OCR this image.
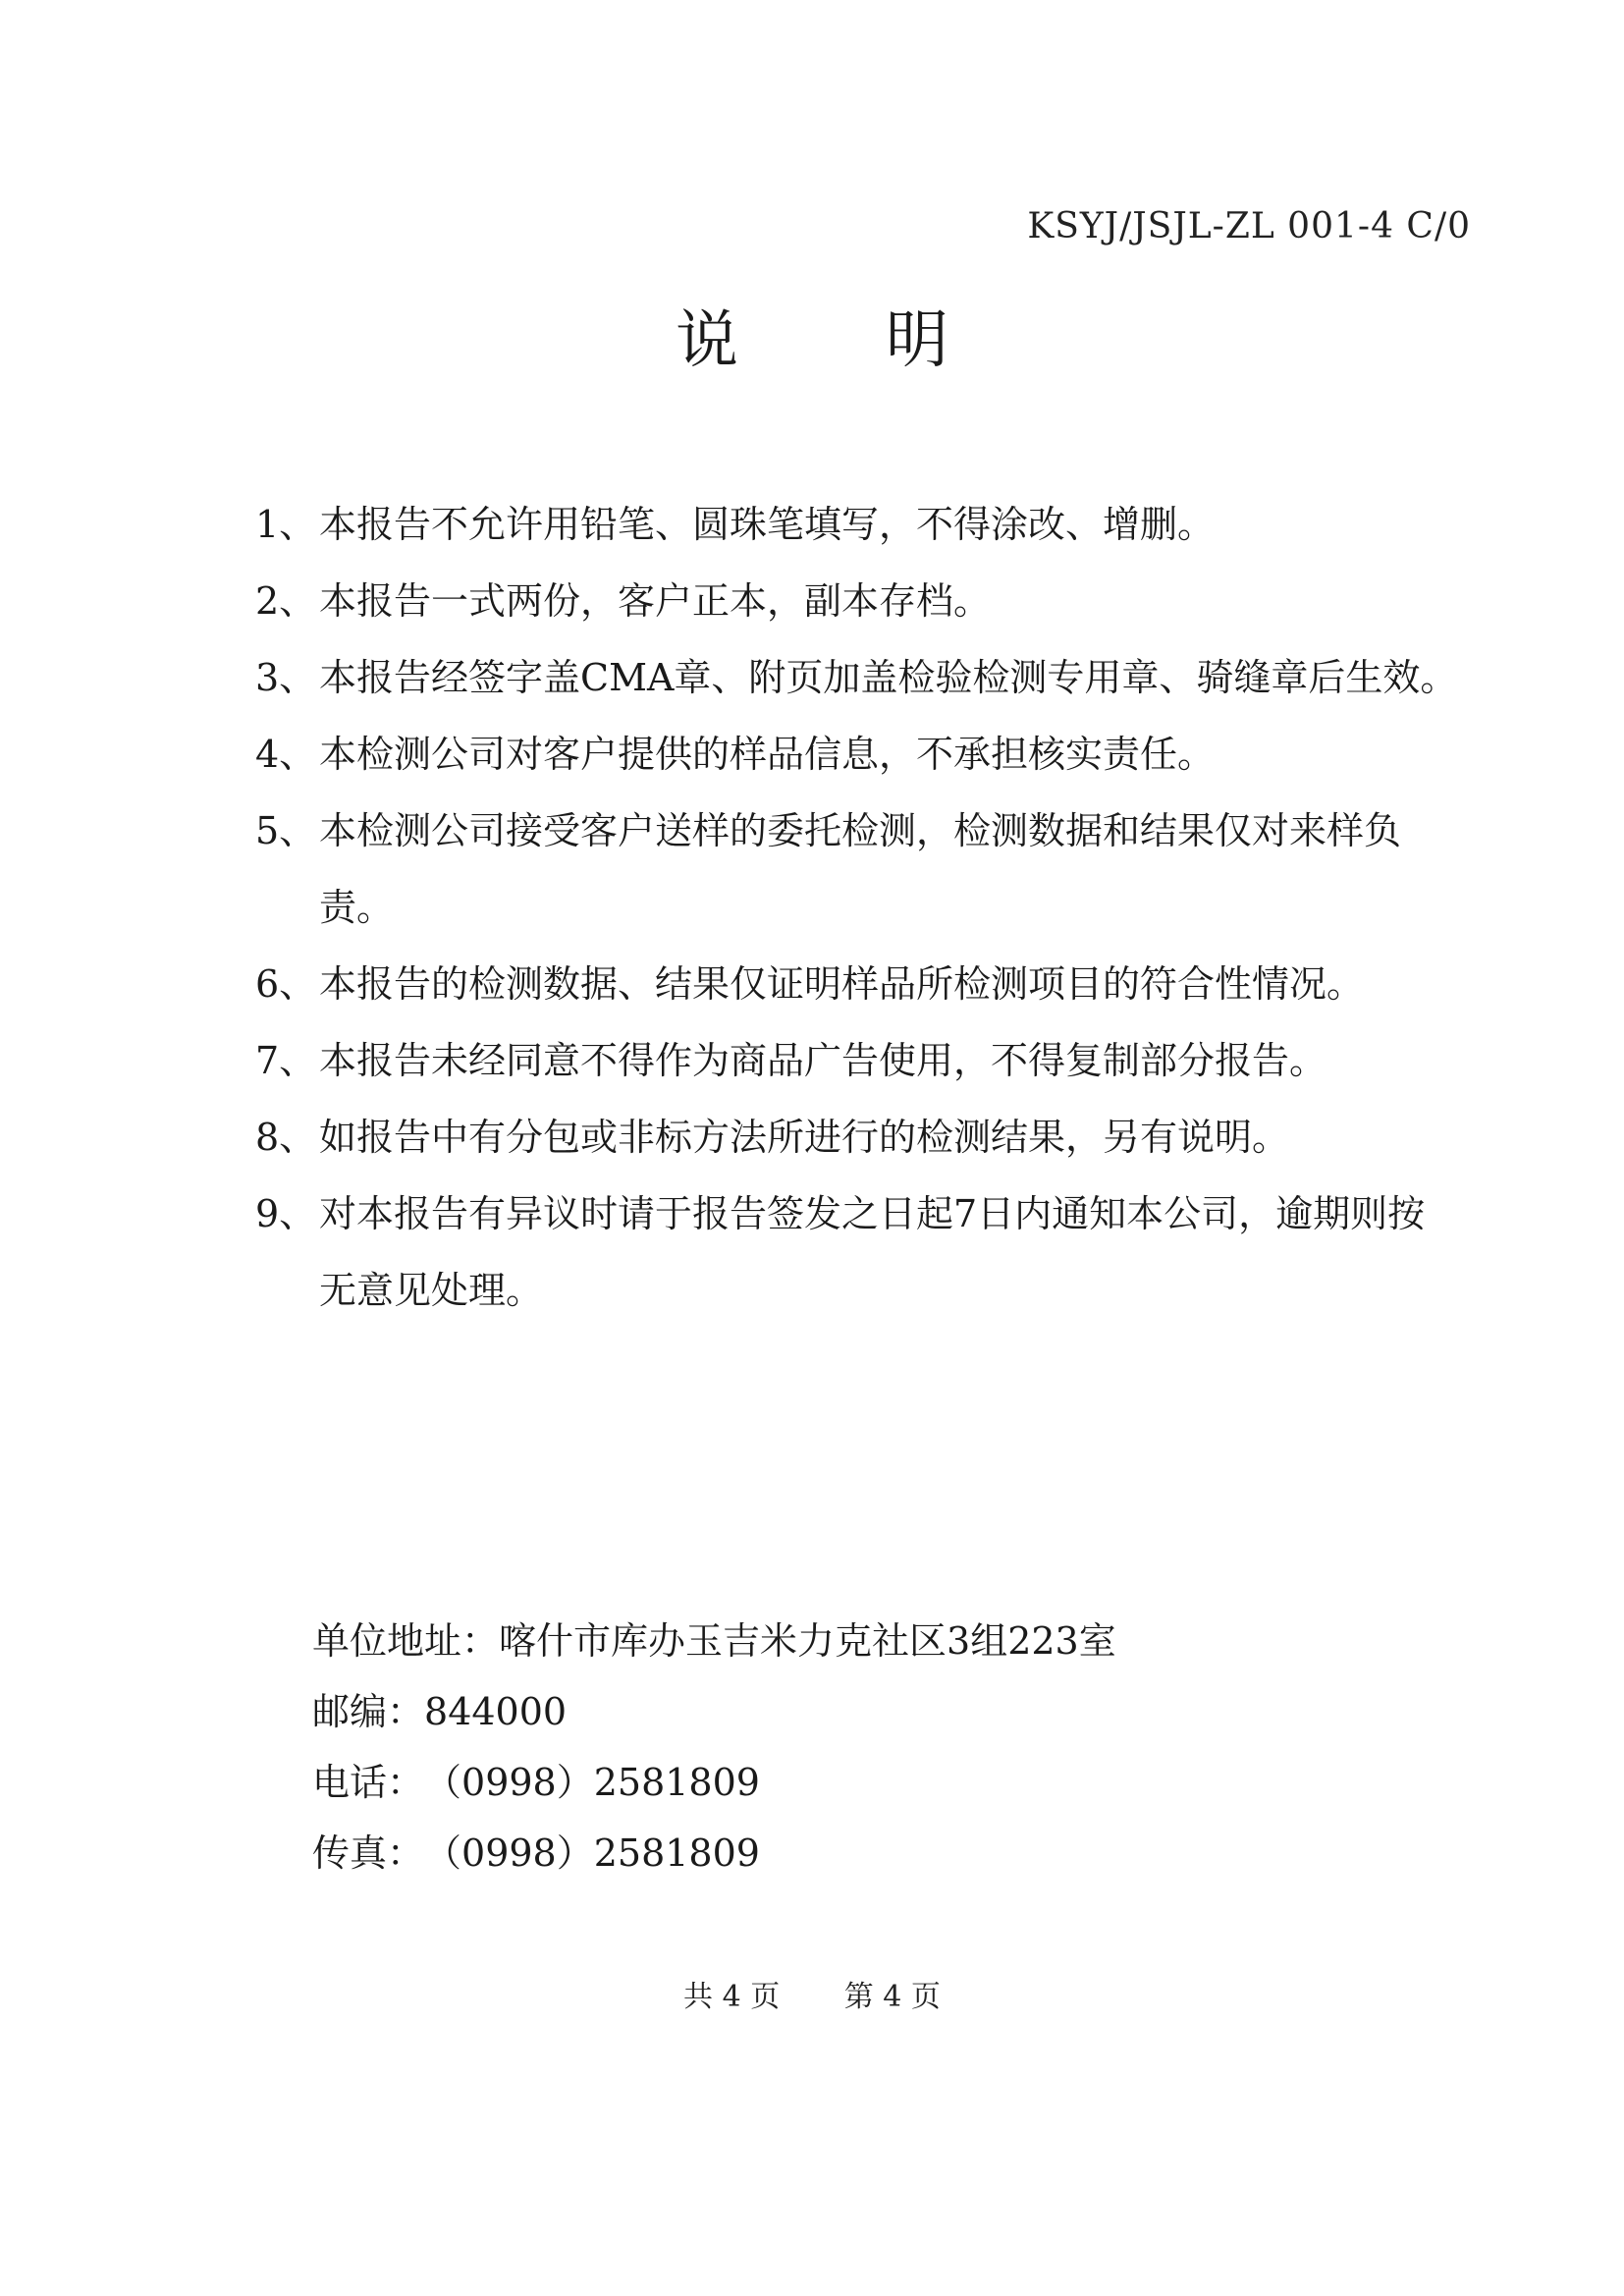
KSYJ/JSJL-ZL 001-4 C/0
说 明
1、 本报告不允许用铅笔、圆珠笔填写，不得涂改、增删。
2、 本报告一式两份，客户正本，副本存档。
3、 本报告经签字盖CMA章、附页加盖检验检测专用章、骑缝章后生效。
4、 本检测公司对客户提供的样品信息，不承担核实责任。
5、 本检测公司接受客户送样的委托检测，检测数据和结果仅对来样负责。
6、 本报告的检测数据、结果仅证明样品所检测项目的符合性情况。
7、 本报告未经同意不得作为商品广告使用，不得复制部分报告。
8、 如报告中有分包或非标方法所进行的检测结果，另有说明。
9、 对本报告有异议时请于报告签发之日起7日内通知本公司，逾期则按无意见处理。
单位地址： 喀什市库办玉吉米力克社区3组223室
邮编： 844000
电话： （0998）2581809
传真： （0998）2581809
共 4 页 第 4 页
